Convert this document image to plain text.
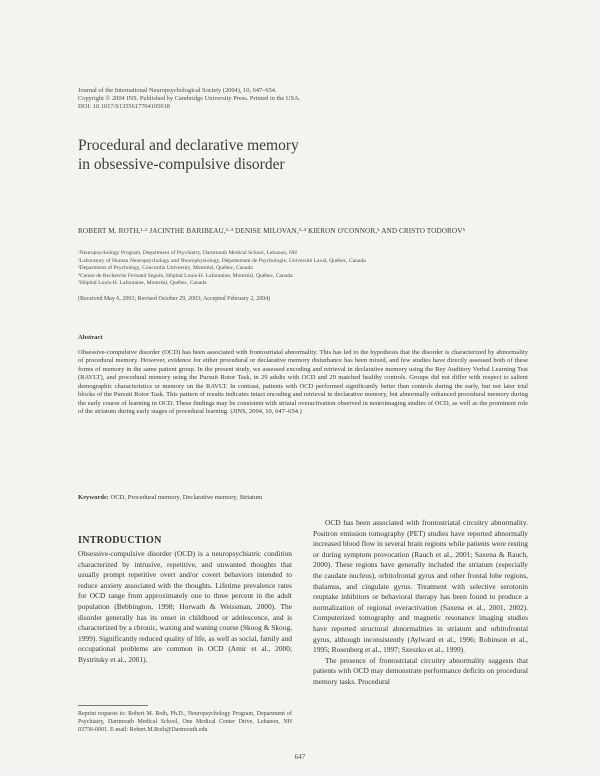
Journal of the International Neuropsychological Society (2004), 10, 647–654.
Copyright © 2004 INS. Published by Cambridge University Press. Printed in the USA.
DOI: 10.1017/S1355617704105018
Procedural and declarative memory
in obsessive-compulsive disorder
ROBERT M. ROTH,¹·² JACINTHE BARIBEAU,³·⁴ DENISE MILOVAN,³·⁴ KIERON O'CONNOR,⁵ AND CRISTO TODOROV⁵
¹Neuropsychology Program, Department of Psychiatry, Dartmouth Medical School, Lebanon, NH
²Laboratory of Human Neuropsychology and Neurophysiology, Département de Psychologie, Université Laval, Québec, Canada
³Department of Psychology, Concordia University, Montréal, Québec, Canada
⁴Centre de Recherche Fernand Seguin, Hôpital Louis-H. Lafontaine, Montréal, Québec, Canada
⁵Hôpital Louis-H. Lafontaine, Montréal, Québec, Canada
(Received May 6, 2003; Revised October 29, 2003; Accepted February 2, 2004)
Abstract
Obsessive-compulsive disorder (OCD) has been associated with frontostriatal abnormality. This has led to the hypothesis that the disorder is characterized by abnormality of procedural memory. However, evidence for either procedural or declarative memory disturbance has been mixed, and few studies have directly assessed both of these forms of memory in the same patient group. In the present study, we assessed encoding and retrieval in declarative memory using the Rey Auditory Verbal Learning Test (RAVLT), and procedural memory using the Pursuit Rotor Task, in 29 adults with OCD and 29 matched healthy controls. Groups did not differ with respect to salient demographic characteristics or memory on the RAVLT. In contrast, patients with OCD performed significantly better than controls during the early, but not later trial blocks of the Pursuit Rotor Task. This pattern of results indicates intact encoding and retrieval in declarative memory, but abnormally enhanced procedural memory during the early course of learning in OCD. These findings may be consistent with striatal overactivation observed in neuroimaging studies of OCD, as well as the prominent role of the striatum during early stages of procedural learning. (JINS, 2004, 10, 647–654.)
Keywords: OCD, Procedural memory, Declarative memory, Striatum
INTRODUCTION

Obsessive-compulsive disorder (OCD) is a neuropsychiatric condition characterized by intrusive, repetitive, and unwanted thoughts that usually prompt repetitive overt and/or covert behaviors intended to reduce anxiety associated with the thoughts. Lifetime prevalence rates for OCD range from approximately one to three percent in the adult population (Bebbington, 1998; Horwath & Weissman, 2000). The disorder generally has its onset in childhood or adolescence, and is characterized by a chronic, waxing and waning course (Skoog & Skoog, 1999). Significantly reduced quality of life, as well as social, family and occupational problems are common in OCD (Amir et al., 2000; Bystritsky et al., 2001).

OCD has been associated with frontostriatal circuitry abnormality. Positron emission tomography (PET) studies have reported abnormally increased blood flow in several brain regions while patients were resting or during symptom provocation (Rauch et al., 2001; Saxena & Rauch, 2000). These regions have generally included the striatum (especially the caudate nucleus), orbitofrontal gyrus and other frontal lobe regions, thalamus, and cingulate gyrus. Treatment with selective serotonin reuptake inhibitors or behavioral therapy has been found to produce a normalization of regional overactivation (Saxena et al., 2001, 2002). Computerized tomography and magnetic resonance imaging studies have reported structural abnormalities in striatum and orbitofrontal gyrus, although inconsistently (Aylward et al., 1996; Robinson et al., 1995; Rosenberg et al., 1997; Szeszko et al., 1999).

The presence of frontostriatal circuitry abnormality suggests that patients with OCD may demonstrate performance deficits on procedural memory tasks. Procedural

Reprint requests to: Robert M. Roth, Ph.D., Neuropsychology Program, Department of Psychiatry, Dartmouth Medical School, One Medical Center Drive, Lebanon, NH 03756-0001. E-mail: Robert.M.Roth@Dartmouth.edu
647
